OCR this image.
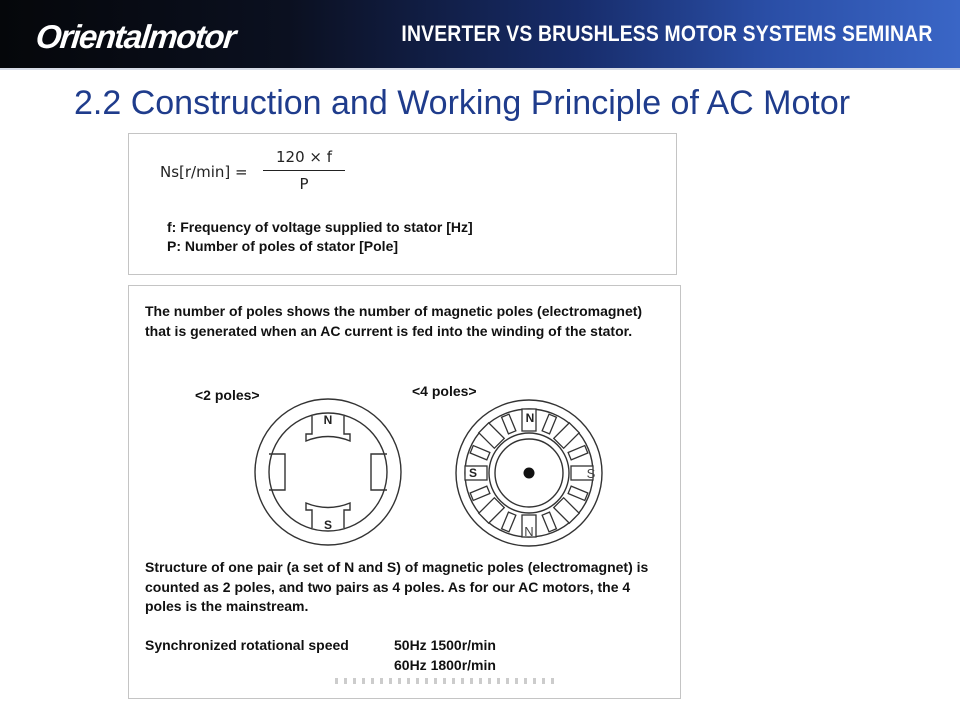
Orientalmotor	INVERTER VS BRUSHLESS MOTOR SYSTEMS SEMINAR
2.2 Construction and Working Principle of AC Motor
$Ns[r/\min] = \frac{120 \times f}{P}$
f: Frequency of voltage supplied to stator [Hz]
P: Number of poles of stator [Pole]
The number of poles shows the number of magnetic poles (electromagnet) that is generated when an AC current is fed into the winding of the stator.
<2 poles>	<4 poles>
N
S
N
S	S
N
Structure of one pair (a set of N and S) of magnetic poles (electromagnet) is counted as 2 poles, and two pairs as 4 poles. As for our AC motors, the 4 poles is the mainstream.
Synchronized rotational speed	50Hz 1500r/min
60Hz 1800r/min
